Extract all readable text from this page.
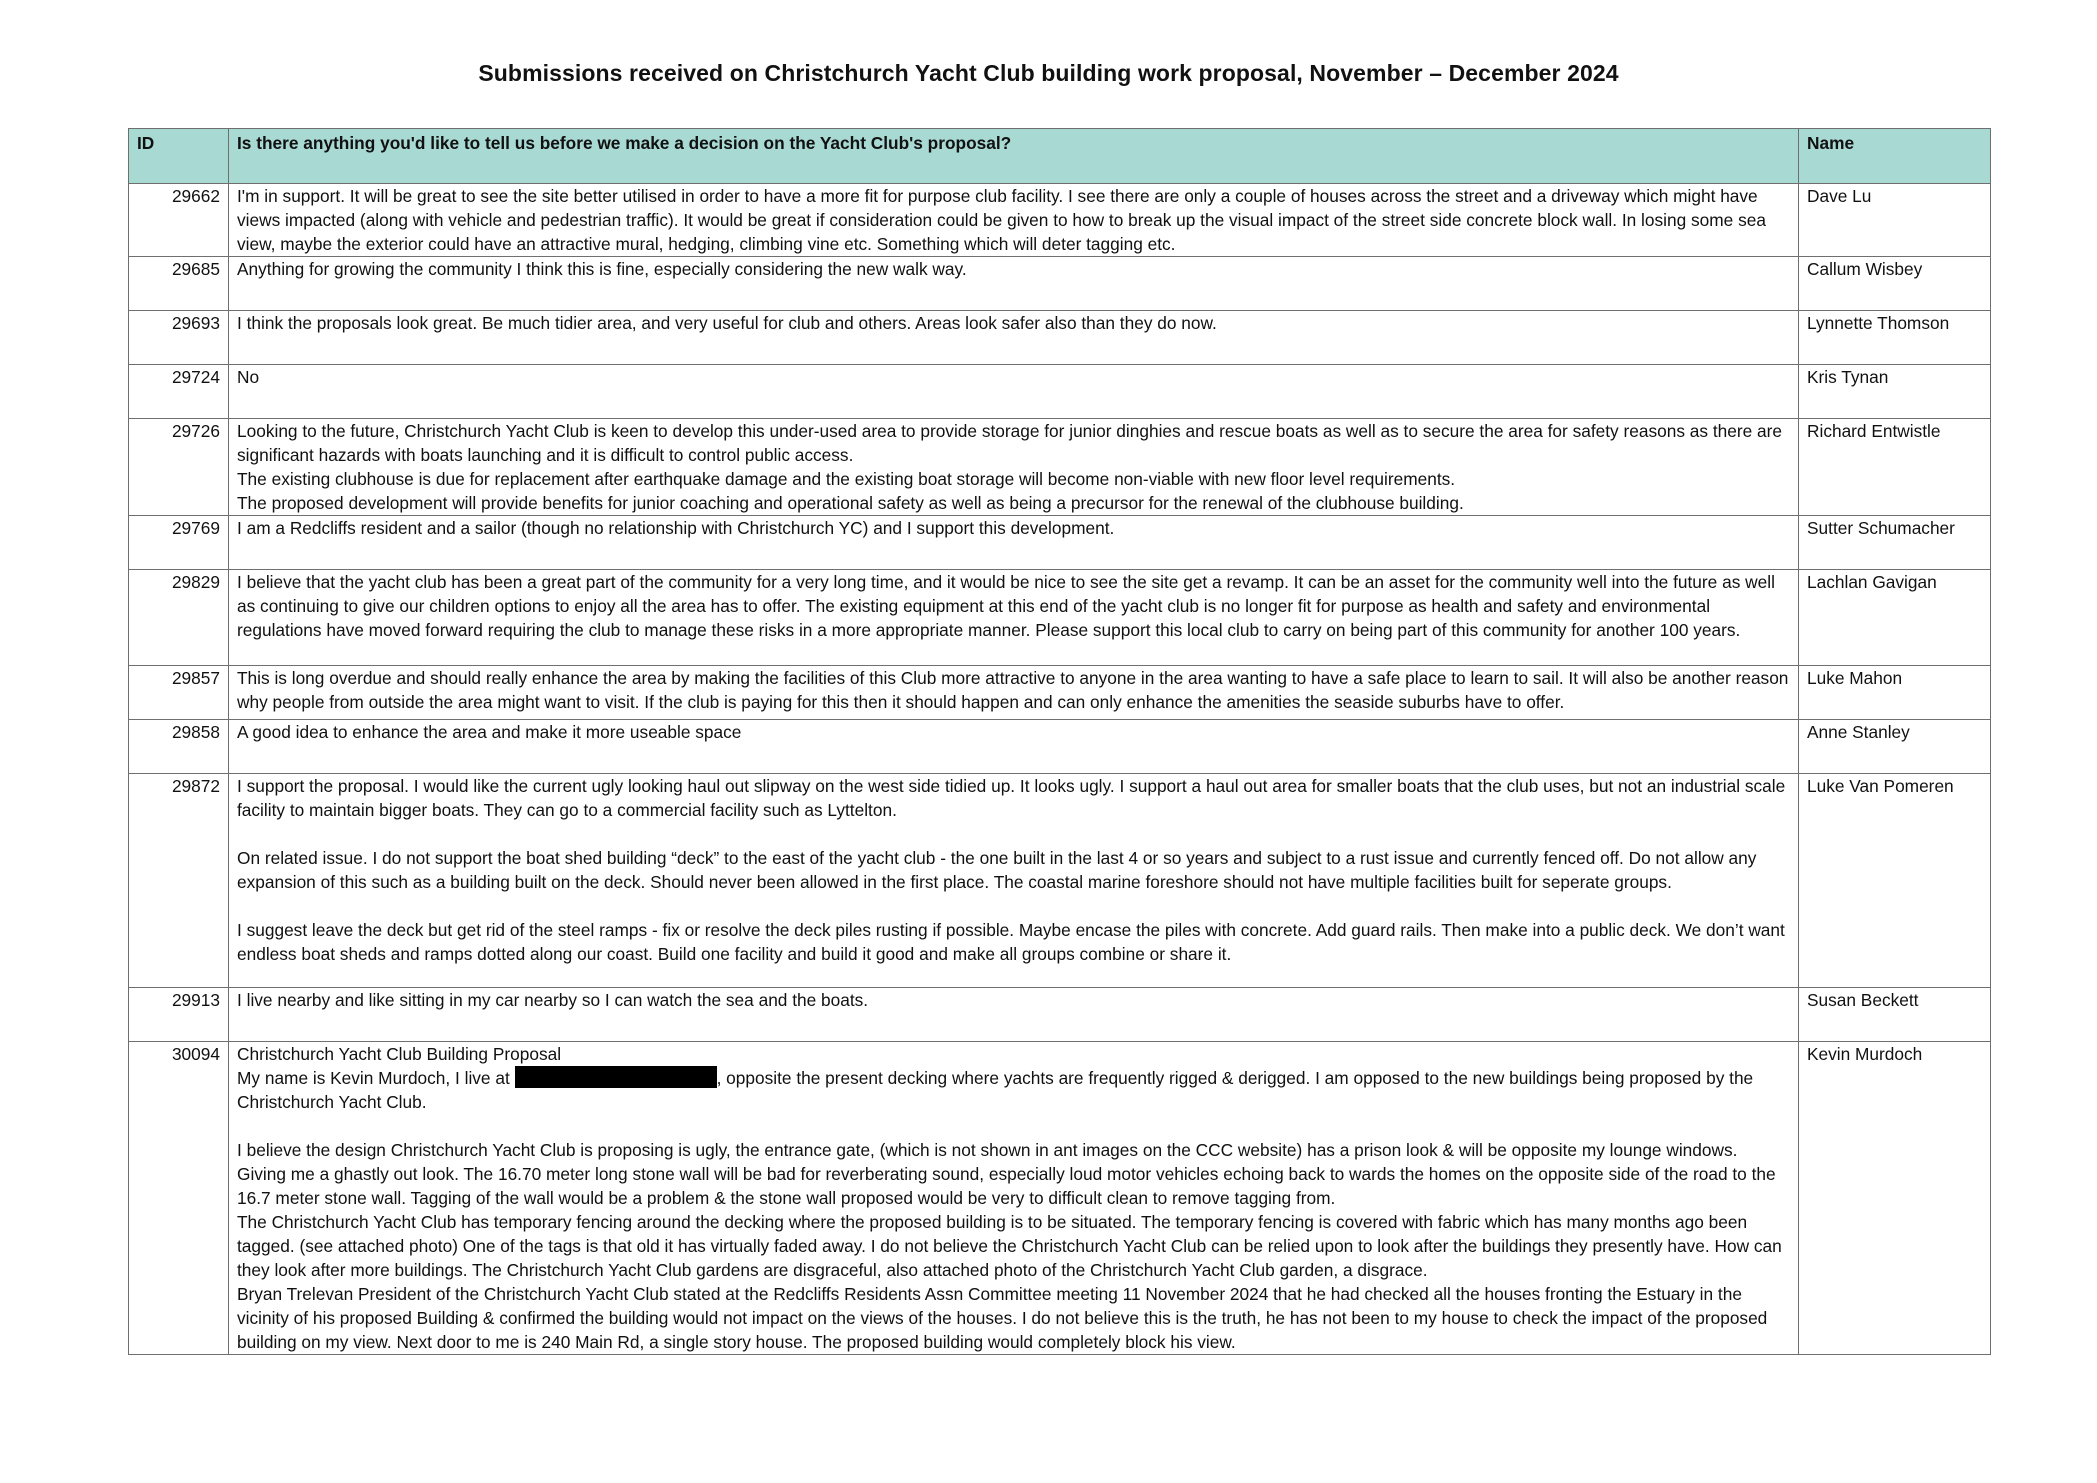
Submissions received on Christchurch Yacht Club building work proposal, November – December 2024
ID	Is there anything you'd like to tell us before we make a decision on the Yacht Club's proposal?	Name
29662	I'm in support. It will be great to see the site better utilised in order to have a more fit for purpose club facility. I see there are only a couple of houses across the street and a driveway which might have views impacted (along with vehicle and pedestrian traffic). It would be great if consideration could be given to how to break up the visual impact of the street side concrete block wall. In losing some sea view, maybe the exterior could have an attractive mural, hedging, climbing vine etc. Something which will deter tagging etc.	Dave Lu
29685	Anything for growing the community I think this is fine, especially considering the new walk way.	Callum Wisbey
29693	I think the proposals look great. Be much tidier area, and very useful for club and others. Areas look safer also than they do now.	Lynnette Thomson
29724	No	Kris Tynan
29726	Looking to the future, Christchurch Yacht Club is keen to develop this under-used area to provide storage for junior dinghies and rescue boats as well as to secure the area for safety reasons as there are significant hazards with boats launching and it is difficult to control public access.
The existing clubhouse is due for replacement after earthquake damage and the existing boat storage will become non-viable with new floor level requirements.
The proposed development will provide benefits for junior coaching and operational safety as well as being a precursor for the renewal of the clubhouse building.	Richard Entwistle
29769	I am a Redcliffs resident and a sailor (though no relationship with Christchurch YC) and I support this development.	Sutter Schumacher
29829	I believe that the yacht club has been a great part of the community for a very long time, and it would be nice to see the site get a revamp. It can be an asset for the community well into the future as well as continuing to give our children options to enjoy all the area has to offer. The existing equipment at this end of the yacht club is no longer fit for purpose as health and safety and environmental regulations have moved forward requiring the club to manage these risks in a more appropriate manner. Please support this local club to carry on being part of this community for another 100 years.	Lachlan Gavigan
29857	This is long overdue and should really enhance the area by making the facilities of this Club more attractive to anyone in the area wanting to have a safe place to learn to sail. It will also be another reason why people from outside the area might want to visit. If the club is paying for this then it should happen and can only enhance the amenities the seaside suburbs have to offer.	Luke Mahon
29858	A good idea to enhance the area and make it more useable space	Anne Stanley
29872	I support the proposal. I would like the current ugly looking haul out slipway on the west side tidied up. It looks ugly. I support a haul out area for smaller boats that the club uses, but not an industrial scale facility to maintain bigger boats. They can go to a commercial facility such as Lyttelton.
On related issue. I do not support the boat shed building “deck” to the east of the yacht club - the one built in the last 4 or so years and subject to a rust issue and currently fenced off. Do not allow any expansion of this such as a building built on the deck. Should never been allowed in the first place. The coastal marine foreshore should not have multiple facilities built for seperate groups.
I suggest leave the deck but get rid of the steel ramps - fix or resolve the deck piles rusting if possible. Maybe encase the piles with concrete. Add guard rails. Then make into a public deck. We don’t want endless boat sheds and ramps dotted along our coast. Build one facility and build it good and make all groups combine or share it.	Luke Van Pomeren
29913	I live nearby and like sitting in my car nearby so I can watch the sea and the boats.	Susan Beckett
30094	Christchurch Yacht Club Building Proposal
My name is Kevin Murdoch, I live at , opposite the present decking where yachts are frequently rigged & derigged. I am opposed to the new buildings being proposed by the Christchurch Yacht Club.
I believe the design Christchurch Yacht Club is proposing is ugly, the entrance gate, (which is not shown in ant images on the CCC website) has a prison look & will be opposite my lounge windows. Giving me a ghastly out look. The 16.70 meter long stone wall will be bad for reverberating sound, especially loud motor vehicles echoing back to wards the homes on the opposite side of the road to the 16.7 meter stone wall. Tagging of the wall would be a problem & the stone wall proposed would be very to difficult clean to remove tagging from.
The Christchurch Yacht Club has temporary fencing around the decking where the proposed building is to be situated. The temporary fencing is covered with fabric which has many months ago been tagged. (see attached photo) One of the tags is that old it has virtually faded away. I do not believe the Christchurch Yacht Club can be relied upon to look after the buildings they presently have. How can they look after more buildings. The Christchurch Yacht Club gardens are disgraceful, also attached photo of the Christchurch Yacht Club garden, a disgrace.
Bryan Trelevan President of the Christchurch Yacht Club stated at the Redcliffs Residents Assn Committee meeting 11 November 2024 that he had checked all the houses fronting the Estuary in the vicinity of his proposed Building & confirmed the building would not impact on the views of the houses. I do not believe this is the truth, he has not been to my house to check the impact of the proposed building on my view. Next door to me is 240 Main Rd, a single story house. The proposed building would completely block his view.	Kevin Murdoch
